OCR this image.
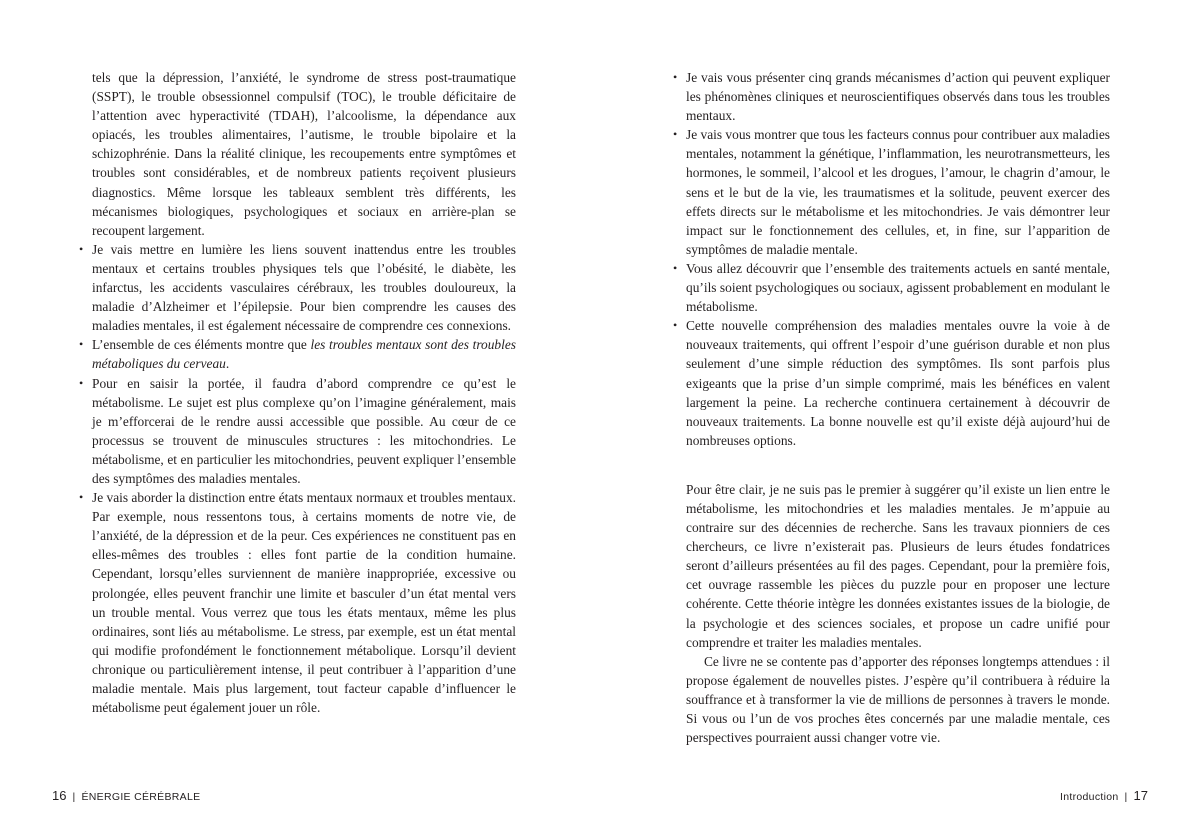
tels que la dépression, l’anxiété, le syndrome de stress post-traumatique (SSPT), le trouble obsessionnel compulsif (TOC), le trouble déficitaire de l’attention avec hyperactivité (TDAH), l’alcoolisme, la dépendance aux opiacés, les troubles alimentaires, l’autisme, le trouble bipolaire et la schizophrénie. Dans la réalité clinique, les recoupements entre symptômes et troubles sont considérables, et de nombreux patients reçoivent plusieurs diagnostics. Même lorsque les tableaux semblent très différents, les mécanismes biologiques, psychologiques et sociaux en arrière-plan se recoupent largement.

• Je vais mettre en lumière les liens souvent inattendus entre les troubles mentaux et certains troubles physiques tels que l’obésité, le diabète, les infarctus, les accidents vasculaires cérébraux, les troubles douloureux, la maladie d’Alzheimer et l’épilepsie. Pour bien comprendre les causes des maladies mentales, il est également nécessaire de comprendre ces connexions.
• L’ensemble de ces éléments montre que les troubles mentaux sont des troubles métaboliques du cerveau.
• Pour en saisir la portée, il faudra d’abord comprendre ce qu’est le métabolisme. Le sujet est plus complexe qu’on l’imagine généralement, mais je m’efforcerai de le rendre aussi accessible que possible. Au cœur de ce processus se trouvent de minuscules structures : les mitochondries. Le métabolisme, et en particulier les mitochondries, peuvent expliquer l’ensemble des symptômes des maladies mentales.
• Je vais aborder la distinction entre états mentaux normaux et troubles mentaux. Par exemple, nous ressentons tous, à certains moments de notre vie, de l’anxiété, de la dépression et de la peur. Ces expériences ne constituent pas en elles-mêmes des troubles : elles font partie de la condition humaine. Cependant, lorsqu’elles surviennent de manière inappropriée, excessive ou prolongée, elles peuvent franchir une limite et basculer d’un état mental vers un trouble mental. Vous verrez que tous les états mentaux, même les plus ordinaires, sont liés au métabolisme. Le stress, par exemple, est un état mental qui modifie profondément le fonctionnement métabolique. Lorsqu’il devient chronique ou particulièrement intense, il peut contribuer à l’apparition d’une maladie mentale. Mais plus largement, tout facteur capable d’influencer le métabolisme peut également jouer un rôle.
16 | ÉNERGIE CÉRÉBRALE
• Je vais vous présenter cinq grands mécanismes d’action qui peuvent expliquer les phénomènes cliniques et neuroscientifiques observés dans tous les troubles mentaux.
• Je vais vous montrer que tous les facteurs connus pour contribuer aux maladies mentales, notamment la génétique, l’inflammation, les neurotransmetteurs, les hormones, le sommeil, l’alcool et les drogues, l’amour, le chagrin d’amour, le sens et le but de la vie, les traumatismes et la solitude, peuvent exercer des effets directs sur le métabolisme et les mitochondries. Je vais démontrer leur impact sur le fonctionnement des cellules, et, in fine, sur l’apparition de symptômes de maladie mentale.
• Vous allez découvrir que l’ensemble des traitements actuels en santé mentale, qu’ils soient psychologiques ou sociaux, agissent probablement en modulant le métabolisme.
• Cette nouvelle compréhension des maladies mentales ouvre la voie à de nouveaux traitements, qui offrent l’espoir d’une guérison durable et non plus seulement d’une simple réduction des symptômes. Ils sont parfois plus exigeants que la prise d’un simple comprimé, mais les bénéfices en valent largement la peine. La recherche continuera certainement à découvrir de nouveaux traitements. La bonne nouvelle est qu’il existe déjà aujourd’hui de nombreuses options.

Pour être clair, je ne suis pas le premier à suggérer qu’il existe un lien entre le métabolisme, les mitochondries et les maladies mentales. Je m’appuie au contraire sur des décennies de recherche. Sans les travaux pionniers de ces chercheurs, ce livre n’existerait pas. Plusieurs de leurs études fondatrices seront d’ailleurs présentées au fil des pages. Cependant, pour la première fois, cet ouvrage rassemble les pièces du puzzle pour en proposer une lecture cohérente. Cette théorie intègre les données existantes issues de la biologie, de la psychologie et des sciences sociales, et propose un cadre unifié pour comprendre et traiter les maladies mentales.

Ce livre ne se contente pas d’apporter des réponses longtemps attendues : il propose également de nouvelles pistes. J’espère qu’il contribuera à réduire la souffrance et à transformer la vie de millions de personnes à travers le monde. Si vous ou l’un de vos proches êtes concernés par une maladie mentale, ces perspectives pourraient aussi changer votre vie.

Introduction | 17
